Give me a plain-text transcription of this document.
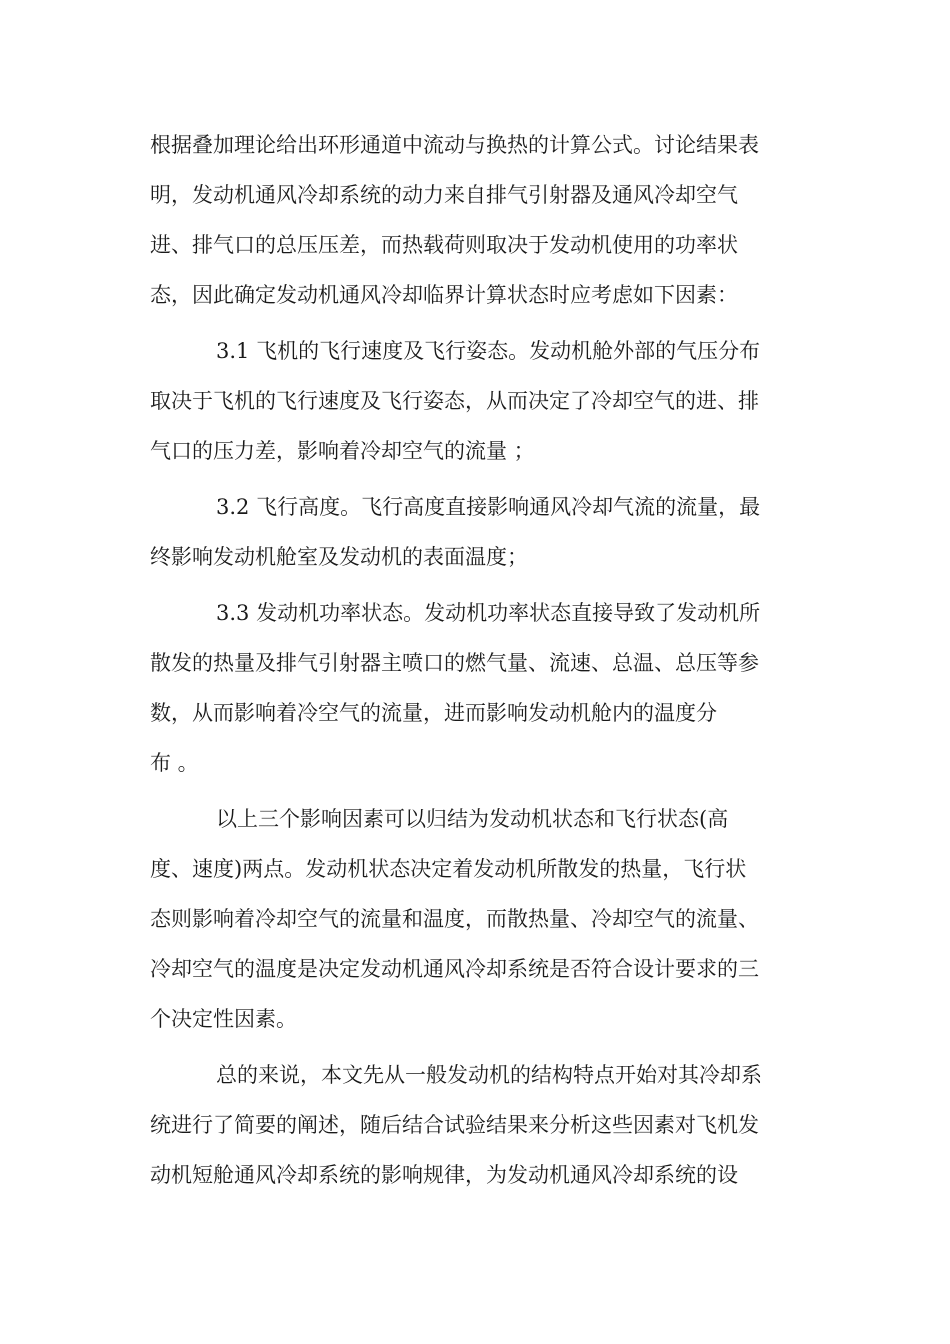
根据叠加理论给出环形通道中流动与换热的计算公式。讨论结果表
明，发动机通风冷却系统的动力来自排气引射器及通风冷却空气
进、排气口的总压压差，而热载荷则取决于发动机使用的功率状
态，因此确定发动机通风冷却临界计算状态时应考虑如下因素：
3.1 飞机的飞行速度及飞行姿态。发动机舱外部的气压分布
取决于飞机的飞行速度及飞行姿态，从而决定了冷却空气的进、排
气口的压力差，影响着冷却空气的流量 ；
3.2 飞行高度。飞行高度直接影响通风冷却气流的流量，最
终影响发动机舱室及发动机的表面温度；
3.3 发动机功率状态。发动机功率状态直接导致了发动机所
散发的热量及排气引射器主喷口的燃气量、流速、总温、总压等参
数，从而影响着冷空气的流量，进而影响发动机舱内的温度分
布 。
以上三个影响因素可以归结为发动机状态和飞行状态(高
度、速度)两点。发动机状态决定着发动机所散发的热量，飞行状
态则影响着冷却空气的流量和温度，而散热量、冷却空气的流量、
冷却空气的温度是决定发动机通风冷却系统是否符合设计要求的三
个决定性因素。
总的来说，本文先从一般发动机的结构特点开始对其冷却系
统进行了简要的阐述，随后结合试验结果来分析这些因素对飞机发
动机短舱通风冷却系统的影响规律，为发动机通风冷却系统的设
